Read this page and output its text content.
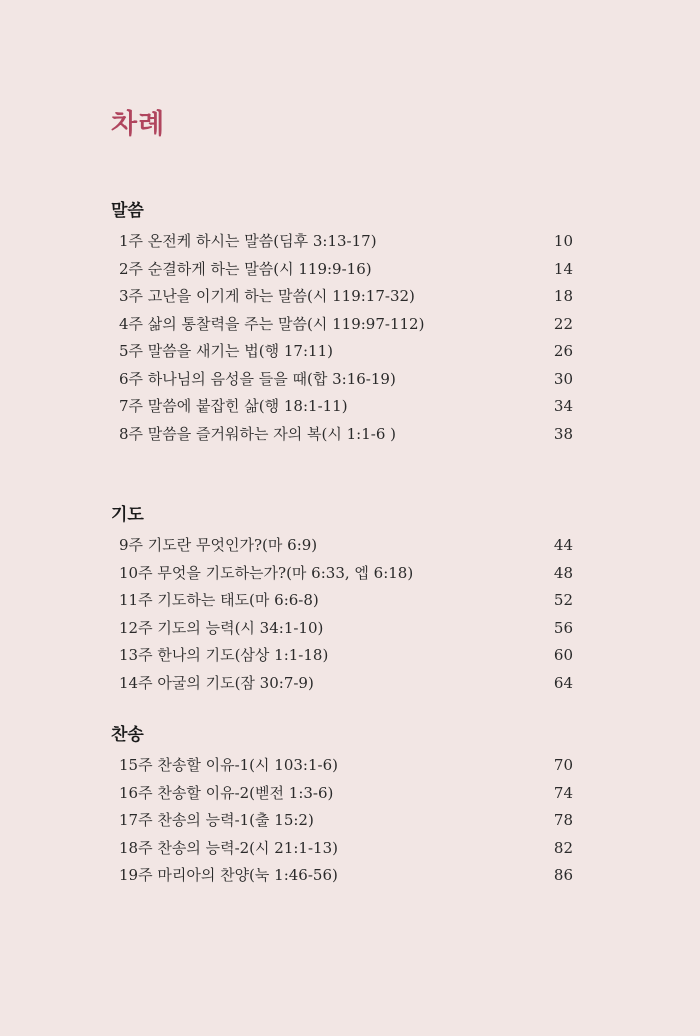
차례
말씀
1주 온전케 하시는 말씀(딤후 3:13-17)	10
2주 순결하게 하는 말씀(시 119:9-16)	14
3주 고난을 이기게 하는 말씀(시 119:17-32)	18
4주 삶의 통찰력을 주는 말씀(시 119:97-112)	22
5주 말씀을 새기는 법(행 17:11)	26
6주 하나님의 음성을 들을 때(합 3:16-19)	30
7주 말씀에 붙잡힌 삶(행 18:1-11)	34
8주 말씀을 즐거워하는 자의 복(시 1:1-6 )	38
기도
9주 기도란 무엇인가?(마 6:9)	44
10주 무엇을 기도하는가?(마 6:33, 엡 6:18)	48
11주 기도하는 태도(마 6:6-8)	52
12주 기도의 능력(시 34:1-10)	56
13주 한나의 기도(삼상 1:1-18)	60
14주 아굴의 기도(잠 30:7-9)	64
찬송
15주 찬송할 이유-1(시 103:1-6)	70
16주 찬송할 이유-2(벧전 1:3-6)	74
17주 찬송의 능력-1(출 15:2)	78
18주 찬송의 능력-2(시 21:1-13)	82
19주 마리아의 찬양(눅 1:46-56)	86
